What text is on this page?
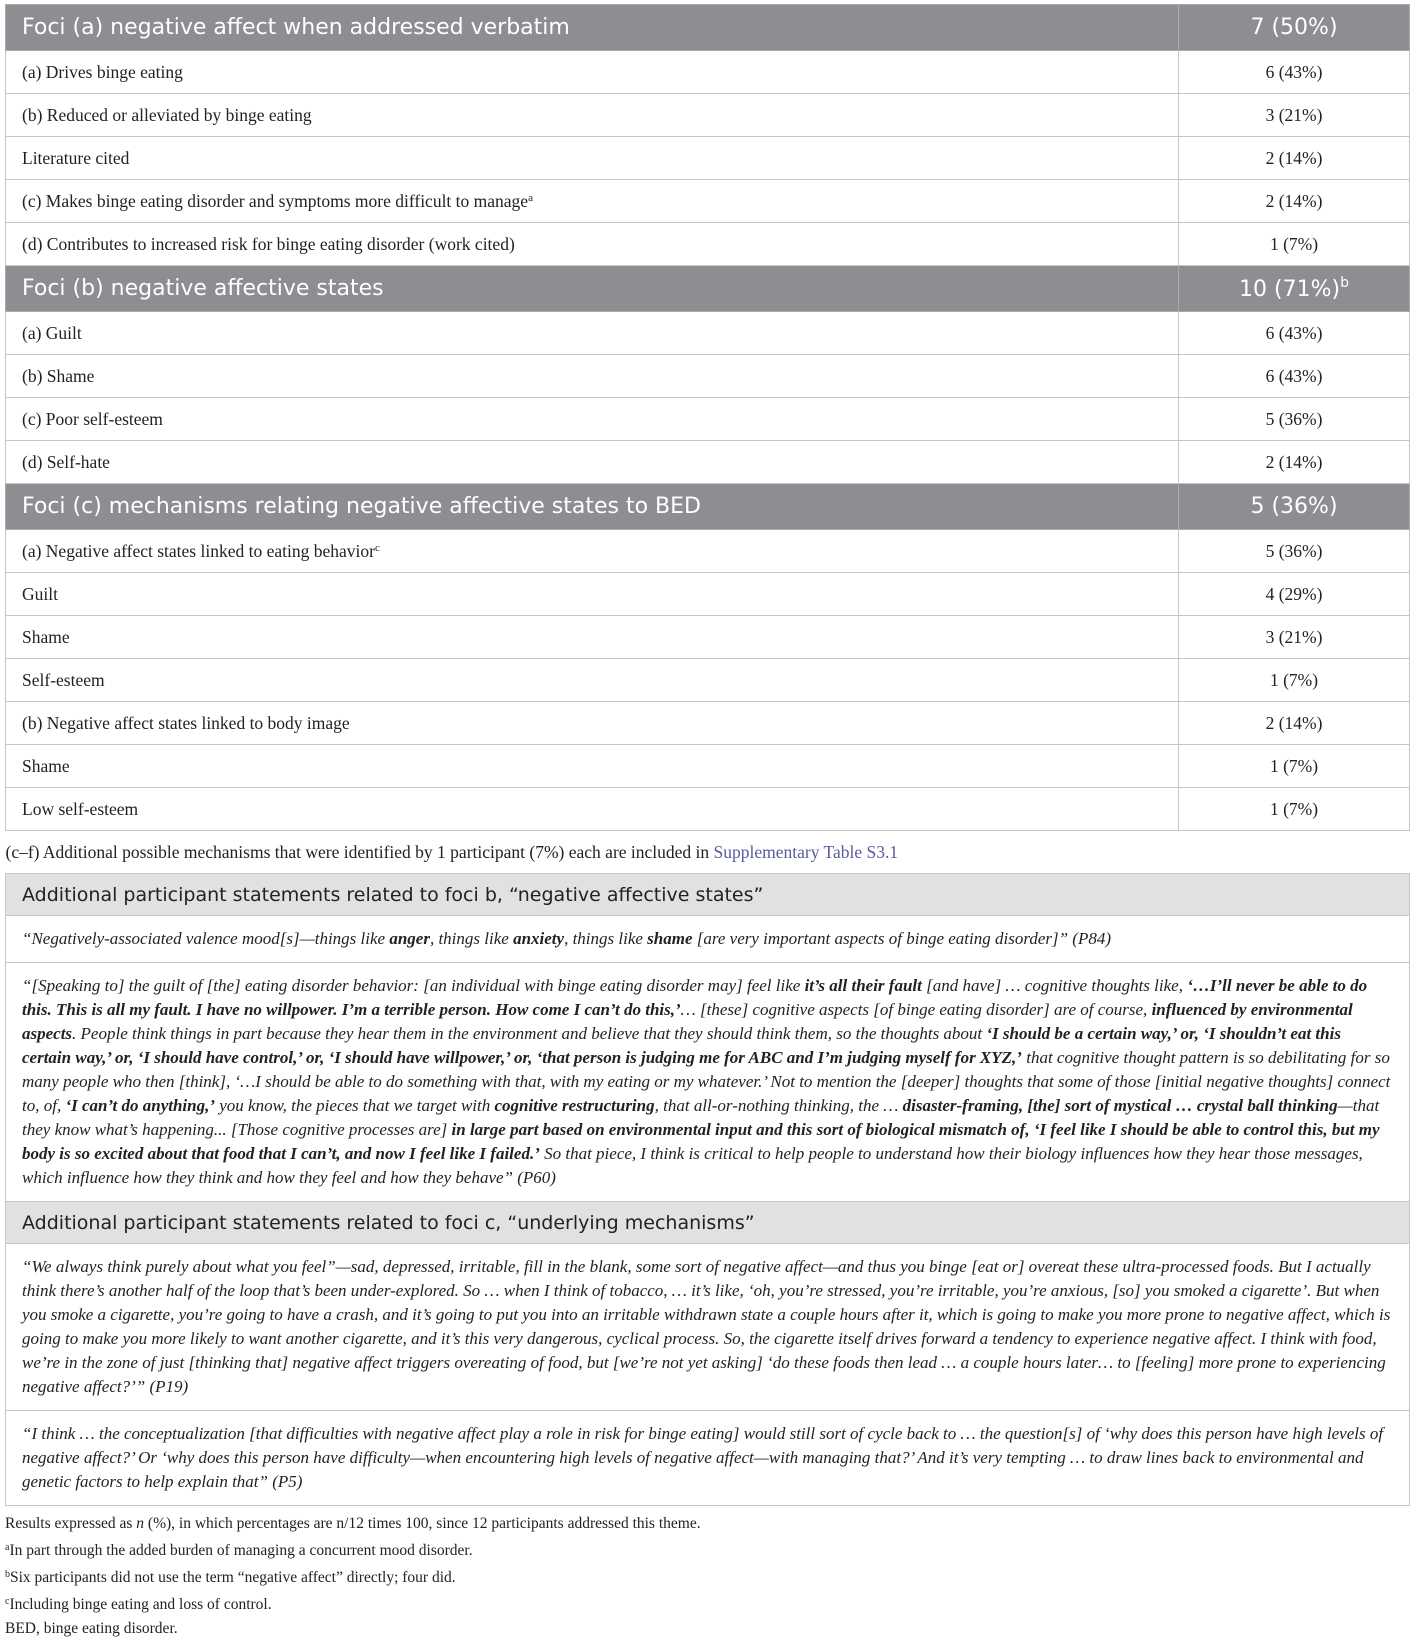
Foci (a) negative affect when addressed verbatim	7 (50%)
(a) Drives binge eating	6 (43%)
(b) Reduced or alleviated by binge eating	3 (21%)
Literature cited	2 (14%)
(c) Makes binge eating disorder and symptoms more difficult to manage$^a$	2 (14%)
(d) Contributes to increased risk for binge eating disorder (work cited)	1 (7%)
Foci (b) negative affective states	10 $(71\%)^b$
(a) Guilt	6 (43%)
(b) Shame	6 (43%)
(c) Poor self-esteem	5 (36%)
(d) Self-hate	2 (14%)
Foci (c) mechanisms relating negative affective states to BED	5 (36%)
(a) Negative affect states linked to eating behavior$^c$	5 (36%)
Guilt	4 (29%)
Shame	3 (21%)
Self-esteem	1 (7%)
(b) Negative affect states linked to body image	2 (14%)
Shame	1 (7%)
Low self-esteem	1 (7%)
(c–f) Additional possible mechanisms that were identified by 1 participant (7%) each are included in Supplementary Table S3.1	
Additional participant statements related to foci b, “negative affective states”	
“Negatively-associated valence mood[s]—things like anger, things like anxiety, things like shame [are very important aspects of binge eating disorder]” (P84)	
“[Speaking to] the guilt of [the] eating disorder behavior: [an individual with binge eating disorder may] feel like it’s all their fault [and have] … cognitive thoughts like, ‘…I’ll never be able to do this. This is all my fault. I have no willpower. I’m a terrible person. How come I can’t do this,’… [these] cognitive aspects [of binge eating disorder] are of course, influenced by environmental aspects. People think things in part because they hear them in the environment and believe that they should think them, so the thoughts about ‘I should be a certain way,’ or, ‘I shouldn’t eat this certain way,’ or, ‘I should have control,’ or, ‘I should have willpower,’ or, ‘that person is judging me for ABC and I’m judging myself for XYZ,’ that cognitive thought pattern is so debilitating for so many people who then [think], ‘…I should be able to do something with that, with my eating or my whatever.’ Not to mention the [deeper] thoughts that some of those [initial negative thoughts] connect to, of, ‘I can’t do anything,’ you know, the pieces that we target with cognitive restructuring, that all-or-nothing thinking, the … disaster-framing, [the] sort of mystical … crystal ball thinking—that they know what’s happening... [Those cognitive processes are] in large part based on environmental input and this sort of biological mismatch of, ‘I feel like I should be able to control this, but my body is so excited about that food that I can’t, and now I feel like I failed.’ So that piece, I think is critical to help people to understand how their biology influences how they hear those messages, which influence how they think and how they feel and how they behave” (P60)	
Additional participant statements related to foci c, “underlying mechanisms”	
“We always think purely about what you feel”—sad, depressed, irritable, fill in the blank, some sort of negative affect—and thus you binge [eat or] overeat these ultra-processed foods. But I actually think there’s another half of the loop that’s been under-explored. So … when I think of tobacco, … it’s like, ‘oh, you’re stressed, you’re irritable, you’re anxious, [so] you smoked a cigarette’. But when you smoke a cigarette, you’re going to have a crash, and it’s going to put you into an irritable withdrawn state a couple hours after it, which is going to make you more prone to negative affect, which is going to make you more likely to want another cigarette, and it’s this very dangerous, cyclical process. So, the cigarette itself drives forward a tendency to experience negative affect. I think with food, we’re in the zone of just [thinking that] negative affect triggers overeating of food, but [we’re not yet asking] ‘do these foods then lead … a couple hours later… to [feeling] more prone to experiencing negative affect?’” (P19)	
“I think … the conceptualization [that difficulties with negative affect play a role in risk for binge eating] would still sort of cycle back to … the question[s] of ‘why does this person have high levels of negative affect?’ Or ‘why does this person have difficulty—when encountering high levels of negative affect—with managing that?’ And it’s very tempting … to draw lines back to environmental and genetic factors to help explain that” (P5)	
Results expressed as n (%), in which percentages are n/12 times 100, since 12 participants addressed this theme.
$^a$In part through the added burden of managing a concurrent mood disorder.
$^b$Six participants did not use the term “negative affect” directly; four did.
$^c$Including binge eating and loss of control.
BED, binge eating disorder.
